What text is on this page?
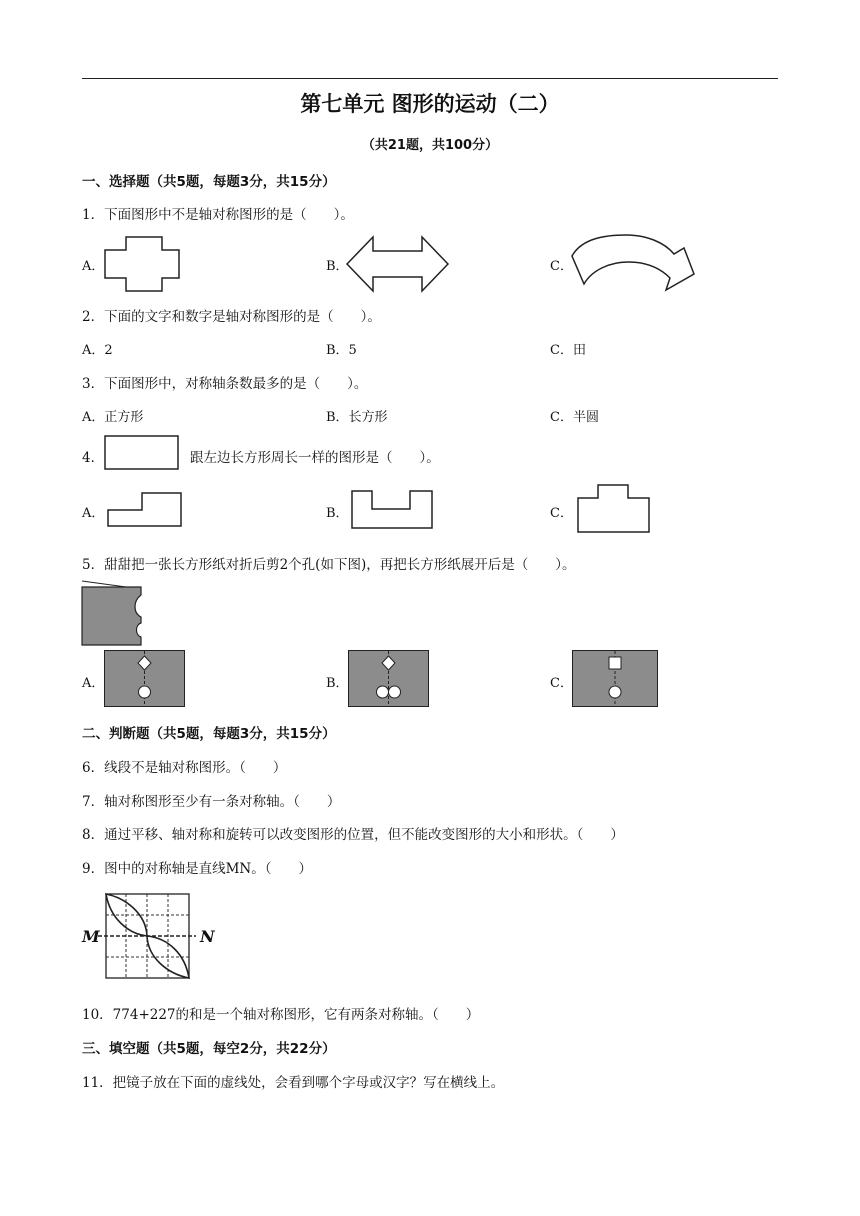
第七单元 图形的运动（二）
（共21题，共100分）
一、选择题（共5题，每题3分，共15分）
1．下面图形中不是轴对称图形的是（　　）。
A．	B．	C．
2．下面的文字和数字是轴对称图形的是（　　）。
A．2	B．5	C．田
3．下面图形中，对称轴条数最多的是（　　）。
A．正方形	B．长方形	C．半圆
4．	跟左边长方形周长一样的图形是（　　）。
A．	B．	C．
5．甜甜把一张长方形纸对折后剪2个孔(如下图)，再把长方形纸展开后是（　　）。
A．	B．	C．
二、判断题（共5题，每题3分，共15分）
6．线段不是轴对称图形。（　　）
7．轴对称图形至少有一条对称轴。（　　）
8．通过平移、轴对称和旋转可以改变图形的位置，但不能改变图形的大小和形状。（　　）
9．图中的对称轴是直线MN。（　　）
M	N
10．774+227的和是一个轴对称图形，它有两条对称轴。（　　）
三、填空题（共5题，每空2分，共22分）
11．把镜子放在下面的虚线处，会看到哪个字母或汉字？写在横线上。
